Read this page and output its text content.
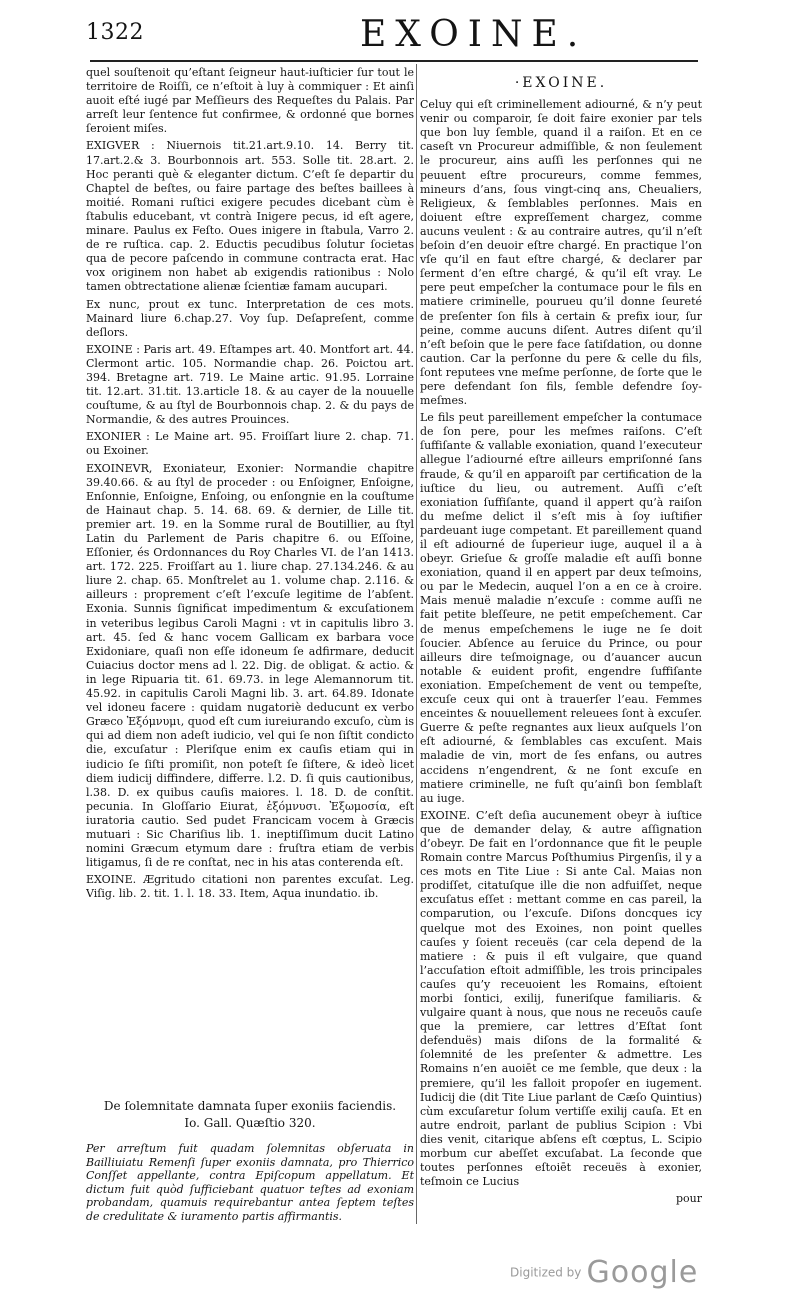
1322	EXOINE.

quel souſtenoit qu’eſtant ſeigneur haut-iuſticier ſur tout le territoire de Roiſſi, ce n’eſtoit à luy à commiquer : Et ainſi auoit eſté iugé par Meſſieurs des Requeſtes du Palais. Par arreſt leur ſentence fut confirmee, & ordonné que bornes ſeroient miſes.

EXIGVER : Niuernois tit.21.art.9.10. 14. Berry tit. 17.art.2.& 3. Bourbonnois art. 553. Solle tit. 28.art. 2. Hoc peranti què & eleganter dictum. C’eſt ſe departir du Chaptel de beſtes, ou faire partage des beſtes baillees à moitié. Romani ruſtici exigere pecudes dicebant cùm è ſtabulis educebant, vt contrà Inigere pecus, id eſt agere, minare. Paulus ex Feſto. Oues inigere in ſtabula, Varro 2. de re ruſtica. cap. 2. Eductis pecudibus ſolutur ſocietas qua de pecore paſcendo in commune contracta erat. Hac vox originem non habet ab exigendis rationibus : Nolo tamen obtrectatione alienæ ſcientiæ famam aucupari.

Ex nunc, prout ex tunc. Interpretation de ces mots. Mainard liure 6.chap.27. Voy ſup. Deſapreſent, comme deſlors.

EXOINE : Paris art. 49. Eſtampes art. 40. Montfort art. 44. Clermont artic. 105. Normandie chap. 26. Poictou art. 394. Bretagne art. 719. Le Maine artic. 91.95. Lorraine tit. 12.art. 31.tit. 13.article 18. & au cayer de la nouuelle couſtume, & au ſtyl de Bourbonnois chap. 2. & du pays de Normandie, & des autres Prouinces.

EXONIER : Le Maine art. 95. Froiſſart liure 2. chap. 71. ou Exoiner.

EXOINEVR, Exoniateur, Exonier: Normandie chapitre 39.40.66. & au ſtyl de proceder : ou Enſoigner, Enſoigne, Enſonnie, Enſoigne, Enſoing, ou enſongnie en la couſtume de Hainaut chap. 5. 14. 68. 69. & dernier, de Lille tit. premier art. 19. en la Somme rural de Boutillier, au ſtyl Latin du Parlement de Paris chapitre 6. ou Eſſoine, Eſſonier, és Ordonnances du Roy Charles VI. de l’an 1413. art. 172. 225. Froiſſart au 1. liure chap. 27.134.246. & au liure 2. chap. 65. Monſtrelet au 1. volume chap. 2.116. & ailleurs : proprement c’eſt l’excuſe legitime de l’abſent. Exonia. Sunnis ſignificat impedimentum & excuſationem in veteribus legibus Caroli Magni : vt in capitulis libro 3. art. 45. ſed & hanc vocem Gallicam ex barbara voce Exidoniare, quaſi non eſſe idoneum ſe adfirmare, deducit Cuiacius doctor mens ad l. 22. Dig. de obligat. & actio. & in lege Ripuaria tit. 61. 69.73. in lege Alemannorum tit. 45.92. in capitulis Caroli Magni lib. 3. art. 64.89. Idonate vel idoneu facere : quidam nugatoriè deducunt ex verbo Græco Ἐξόμνυμι, quod eſt cum iureiurando excuſo, cùm is qui ad diem non adeſt iudicio, vel qui ſe non ſiſtit condicto die, excuſatur : Pleriſque enim ex cauſis etiam qui in iudicio ſe ſiſti promiſit, non poteſt ſe ſiſtere, & ideò licet diem iudicij diffindere, differre. l.2. D. ſi quis cautionibus, l.38. D. ex quibus cauſis maiores. l. 18. D. de conſtit. pecunia. In Gloſſario Eiurat, ἐξόμνυσι. Ἐξωμοσία, eſt iuratoria cautio. Sed pudet Francicam vocem à Græcis mutuari : Sic Chariſius lib. 1. ineptiſſimum ducit Latino nomini Græcum etymum dare : fruſtra etiam de verbis litigamus, ſi de re conſtat, nec in his atas conterenda eſt.

EXOINE. Ægritudo citationi non parentes excuſat. Leg. Viſig. lib. 2. tit. 1. l. 18. 33. Item, Aqua inundatio. ib.

De ſolemnitate damnata ſuper exoniis faciendis.
Io. Gall. Quæſtio 320.
Per arreſtum fuit quadam ſolemnitas obſeruata in Bailliuiatu Remenſi ſuper exoniis damnata, pro Thierrico Conſſet appellante, contra Epiſcopum appellatum. Et dictum fuit quòd ſufficiebant quatuor teſtes ad exoniam probandam, quamuis requirebantur antea ſeptem teſtes de credulitate & iuramento partis affirmantis.
·EXOINE.

Celuy qui eſt criminellement adiourné, & n’y peut venir ou comparoir, ſe doit faire exonier par tels que bon luy ſemble, quand il a raiſon. Et en ce caseſt vn Procureur admiſſible, & non ſeulement le procureur, ains auſſi les perſonnes qui ne peuuent eſtre procureurs, comme femmes, mineurs d’ans, ſous vingt-cinq ans, Cheualiers, Religieux, & ſemblables perſonnes. Mais en doiuent eſtre expreſſement chargez, comme aucuns veulent : & au contraire autres, qu’il n’eſt beſoin d’en deuoir eſtre chargé. En practique l’on vſe qu’il en faut eſtre chargé, & declarer par ſerment d’en eſtre chargé, & qu’il eſt vray. Le pere peut empeſcher la contumace pour le fils en matiere criminelle, pourueu qu’il donne ſeureté de preſenter ſon fils à certain & prefix iour, ſur peine, comme aucuns diſent. Autres diſent qu’il n’eſt beſoin que le pere face ſatiſdation, ou donne caution. Car la perſonne du pere & celle du fils, ſont reputees vne meſme perſonne, de ſorte que le pere defendant ſon fils, ſemble defendre ſoy-meſmes.

Le fils peut pareillement empeſcher la contumace de ſon pere, pour les meſmes raiſons. C’eſt ſuffiſante & vallable exoniation, quand l’executeur allegue l’adiourné eſtre ailleurs empriſonné ſans fraude, & qu’il en apparoiſt par certification de la iuſtice du lieu, ou autrement. Auſſi c’eſt exoniation ſuffiſante, quand il appert qu’à raiſon du meſme delict il s’eſt mis à ſoy iuſtifier pardeuant iuge competant. Et pareillement quand il eſt adiourné de ſuperieur iuge, auquel il a à obeyr. Grieſue & groſſe maladie eſt auſſi bonne exoniation, quand il en appert par deux teſmoins, ou par le Medecin, auquel l’on a en ce à croire. Mais menuë maladie n’excuſe : comme auſſi ne fait petite bleſſeure, ne petit empeſchement. Car de menus empeſchemens le iuge ne ſe doit ſoucier. Abſence au ſeruice du Prince, ou pour ailleurs dire teſmoignage, ou d’auancer aucun notable & euident profit, engendre ſuffiſante exoniation. Empeſchement de vent ou tempeſte, excuſe ceux qui ont à trauerſer l’eau. Femmes enceintes & nouuellement releuees ſont à excuſer. Guerre & peſte regnantes aux lieux auſquels l’on eſt adiourné, & ſemblables cas excuſent. Mais maladie de vin, mort de ſes enfans, ou autres accidens n’engendrent, & ne ſont excuſe en matiere criminelle, ne fuſt qu’ainſi bon ſemblaſt au iuge.

EXOINE. C’eſt deſia aucunement obeyr à iuſtice que de demander delay, & autre aſſignation d’obeyr. De fait en l’ordonnance que fit le peuple Romain contre Marcus Poſthumius Pirgenſis, il y a ces mots en Tite Liue : Si ante Cal. Maias non prodiſſet, citatuſque ille die non adfuiſſet, neque excuſatus eſſet : mettant comme en cas pareil, la comparution, ou l’excuſe. Diſons doncques icy quelque mot des Exoines, non point quelles cauſes y ſoient receuës (car cela depend de la matiere : & puis il eſt vulgaire, que quand l’accuſation eſtoit admiſſible, les trois principales cauſes qu’y receuoient les Romains, eſtoient morbi ſontici, exilij, funeriſque familiaris. & vulgaire quant à nous, que nous ne receuōs cauſe que la premiere, car lettres d’Eſtat ſont defenduës) mais diſons de la formalité & ſolemnité de les preſenter & admettre. Les Romains n’en auoiēt ce me ſemble, que deux : la premiere, qu’il les falloit propoſer en iugement. Iudicij die (dit Tite Liue parlant de Cæſo Quintius) cùm excuſaretur ſolum vertiſſe exilij cauſa. Et en autre endroit, parlant de publius Scipion : Vbi dies venit, citarique abſens eſt cœptus, L. Scipio morbum cur abeſſet excuſabat. La ſeconde que toutes perſonnes eſtoiēt receuës à exonier, teſmoin ce Lucius

pour
Digitized by Google
